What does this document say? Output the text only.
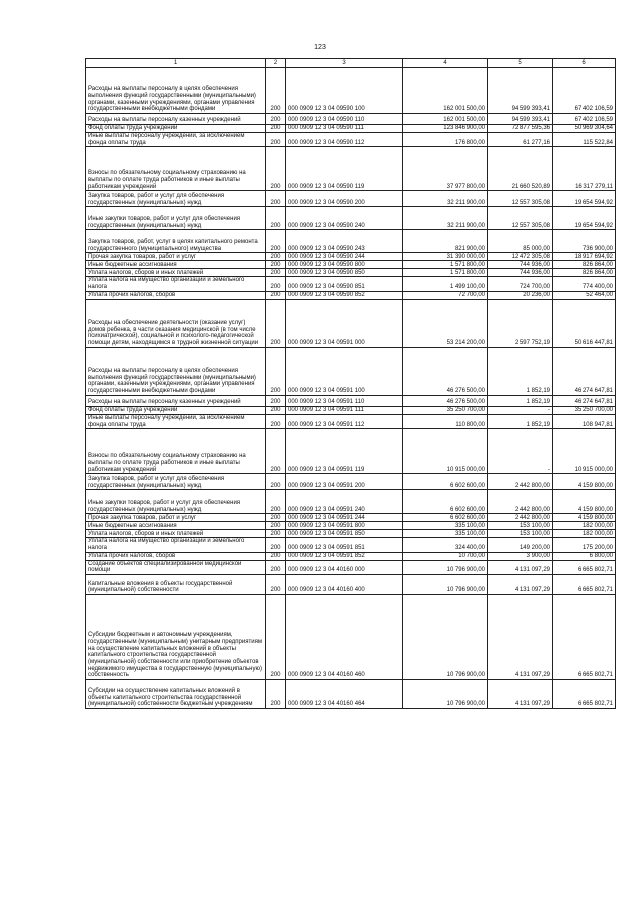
123
1	2	3	4	5	6
Расходы на выплаты персоналу в целях обеспечения выполнения функций государственными (муниципальными) органами, казенными учреждениями, органами управления государственными внебюджетными фондами	200	000 0909 12 3 04 09590 100	162 001 500,00	94 599 393,41	67 402 106,59
Расходы на выплаты персоналу казенных учреждений	200	000 0909 12 3 04 09590 110	162 001 500,00	94 599 393,41	67 402 106,59
Фонд оплаты труда учреждений	200	000 0909 12 3 04 09590 111	123 846 900,00	72 877 595,36	50 969 304,64
Иные выплаты персоналу учреждений, за исключением фонда оплаты труда	200	000 0909 12 3 04 09590 112	176 800,00	61 277,16	115 522,84
Взносы по обязательному социальному страхованию на выплаты по оплате труда работников и иные выплаты работникам учреждений	200	000 0909 12 3 04 09590 119	37 977 800,00	21 660 520,89	16 317 279,11
Закупка товаров, работ и услуг для обеспечения государственных (муниципальных) нужд	200	000 0909 12 3 04 09590 200	32 211 900,00	12 557 305,08	19 654 594,92
Иные закупки товаров, работ и услуг для обеспечения государственных (муниципальных) нужд	200	000 0909 12 3 04 09590 240	32 211 900,00	12 557 305,08	19 654 594,92
Закупка товаров, работ, услуг в целях капитального ремонта государственного (муниципального) имущества	200	000 0909 12 3 04 09590 243	821 900,00	85 000,00	736 900,00
Прочая закупка товаров, работ и услуг	200	000 0909 12 3 04 09590 244	31 390 000,00	12 472 305,08	18 917 694,92
Иные бюджетные ассигнования	200	000 0909 12 3 04 09590 800	1 571 800,00	744 936,00	826 864,00
Уплата налогов, сборов и иных платежей	200	000 0909 12 3 04 09590 850	1 571 800,00	744 936,00	826 864,00
Уплата налога на имущество организаций и земельного налога	200	000 0909 12 3 04 09590 851	1 499 100,00	724 700,00	774 400,00
Уплата прочих налогов, сборов	200	000 0909 12 3 04 09590 852	72 700,00	20 236,00	52 464,00
Расходы на обеспечение деятельности (оказание услуг) домов ребенка, в части оказания медицинской (в том числе психиатрической), социальной и психолого-педагогической помощи детям, находящимся в трудной жизненной ситуации	200	000 0909 12 3 04 09591 000	53 214 200,00	2 597 752,19	50 616 447,81
Расходы на выплаты персоналу в целях обеспечения выполнения функций государственными (муниципальными) органами, казенными учреждениями, органами управления государственными внебюджетными фондами	200	000 0909 12 3 04 09591 100	46 276 500,00	1 852,19	46 274 647,81
Расходы на выплаты персоналу казенных учреждений	200	000 0909 12 3 04 09591 110	46 276 500,00	1 852,19	46 274 647,81
Фонд оплаты труда учреждений	200	000 0909 12 3 04 09591 111	35 250 700,00	-	35 250 700,00
Иные выплаты персоналу учреждений, за исключением фонда оплаты труда	200	000 0909 12 3 04 09591 112	110 800,00	1 852,19	108 947,81
Взносы по обязательному социальному страхованию на выплаты по оплате труда работников и иные выплаты работникам учреждений	200	000 0909 12 3 04 09591 119	10 915 000,00	-	10 915 000,00
Закупка товаров, работ и услуг для обеспечения государственных (муниципальных) нужд	200	000 0909 12 3 04 09591 200	6 602 600,00	2 442 800,00	4 159 800,00
Иные закупки товаров, работ и услуг для обеспечения государственных (муниципальных) нужд	200	000 0909 12 3 04 09591 240	6 602 600,00	2 442 800,00	4 159 800,00
Прочая закупка товаров, работ и услуг	200	000 0909 12 3 04 09591 244	6 602 600,00	2 442 800,00	4 159 800,00
Иные бюджетные ассигнования	200	000 0909 12 3 04 09591 800	335 100,00	153 100,00	182 000,00
Уплата налогов, сборов и иных платежей	200	000 0909 12 3 04 09591 850	335 100,00	153 100,00	182 000,00
Уплата налога на имущество организаций и земельного налога	200	000 0909 12 3 04 09591 851	324 400,00	149 200,00	175 200,00
Уплата прочих налогов, сборов	200	000 0909 12 3 04 09591 852	10 700,00	3 900,00	6 800,00
Создание объектов специализированной медицинской помощи	200	000 0909 12 3 04 40160 000	10 796 900,00	4 131 097,29	6 665 802,71
Капитальные вложения в объекты государственной (муниципальной) собственности	200	000 0909 12 3 04 40160 400	10 796 900,00	4 131 097,29	6 665 802,71
Субсидии бюджетным и автономным учреждениям, государственным (муниципальным) унитарным предприятиям на осуществление капитальных вложений в объекты капитального строительства государственной (муниципальной) собственности или приобретение объектов недвижимого имущества в государственную (муниципальную) собственность	200	000 0909 12 3 04 40160 460	10 796 900,00	4 131 097,29	6 665 802,71
Субсидии на осуществление капитальных вложений в объекты капитального строительства государственной (муниципальной) собственности бюджетным учреждениям	200	000 0909 12 3 04 40160 464	10 796 900,00	4 131 097,29	6 665 802,71
